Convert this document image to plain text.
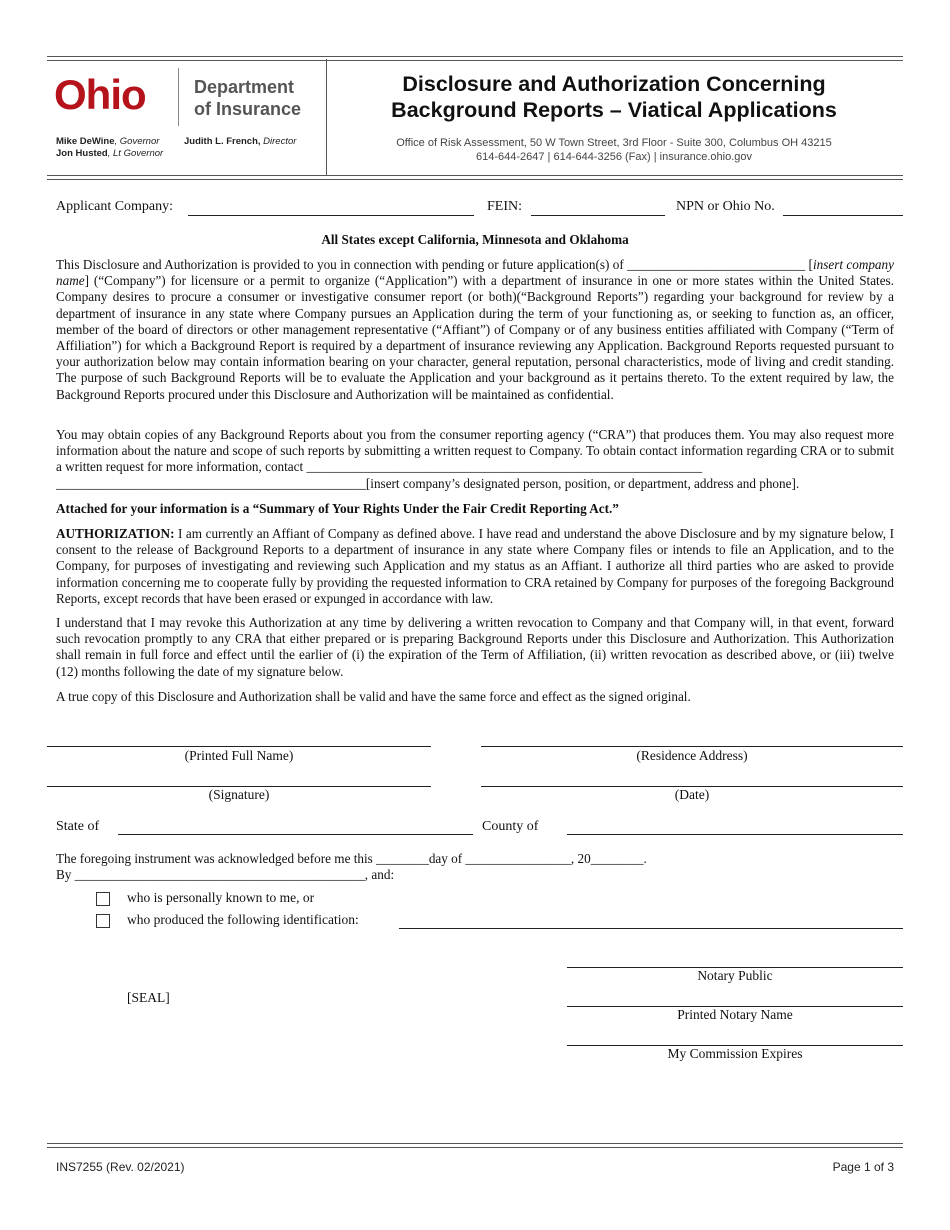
Ohio	Department
of Insurance
Mike DeWine, Governor
Jon Husted, Lt Governor
Judith L. French, Director
Disclosure and Authorization Concerning
Background Reports – Viatical Applications
Office of Risk Assessment, 50 W Town Street, 3rd Floor - Suite 300, Columbus OH 43215
614-644-2647 | 614-644-3256 (Fax) | insurance.ohio.gov
Applicant Company:	FEIN:	NPN or Ohio No.
All States except California, Minnesota and Oklahoma

This Disclosure and Authorization is provided to you in connection with pending or future application(s) of ___________________________ [insert company name] (“Company”) for licensure or a permit to organize (“Application”) with a department of insurance in one or more states within the United States. Company desires to procure a consumer or investigative consumer report (or both)(“Background Reports”) regarding your background for review by a department of insurance in any state where Company pursues an Application during the term of your functioning as, or seeking to function as, an officer, member of the board of directors or other management representative (“Affiant”) of Company or of any business entities affiliated with Company (“Term of Affiliation”) for which a Background Report is required by a department of insurance reviewing any Application. Background Reports requested pursuant to your authorization below may contain information bearing on your character, general reputation, personal characteristics, mode of living and credit standing. The purpose of such Background Reports will be to evaluate the Application and your background as it pertains thereto. To the extent required by law, the Background Reports procured under this Disclosure and Authorization will be maintained as confidential.

You may obtain copies of any Background Reports about you from the consumer reporting agency (“CRA”) that produces them. You may also request more information about the nature and scope of such reports by submitting a written request to Company. To obtain contact information regarding CRA or to submit a written request for more information, contact ____________________________________________________________
_______________________________________________[insert company’s designated person, position, or department, address and phone].

Attached for your information is a “Summary of Your Rights Under the Fair Credit Reporting Act.”

AUTHORIZATION: I am currently an Affiant of Company as defined above. I have read and understand the above Disclosure and by my signature below, I consent to the release of Background Reports to a department of insurance in any state where Company files or intends to file an Application, and to the Company, for purposes of investigating and reviewing such Application and my status as an Affiant. I authorize all third parties who are asked to provide information concerning me to cooperate fully by providing the requested information to CRA retained by Company for purposes of the foregoing Background Reports, except records that have been erased or expunged in accordance with law.

I understand that I may revoke this Authorization at any time by delivering a written revocation to Company and that Company will, in that event, forward such revocation promptly to any CRA that either prepared or is preparing Background Reports under this Disclosure and Authorization. This Authorization shall remain in full force and effect until the earlier of (i) the expiration of the Term of Affiliation, (ii) written revocation as described above, or (iii) twelve (12) months following the date of my signature below.

A true copy of this Disclosure and Authorization shall be valid and have the same force and effect as the signed original.

(Printed Full Name)	(Residence Address)
(Signature)	(Date)
State of	County of

The foregoing instrument was acknowledged before me this ________day of ________________, 20________.
By ____________________________________________, and:

who is personally known to me, or
who produced the following identification:
Notary Public
[SEAL]
Printed Notary Name
My Commission Expires
INS7255 (Rev. 02/2021)	Page 1 of 3
